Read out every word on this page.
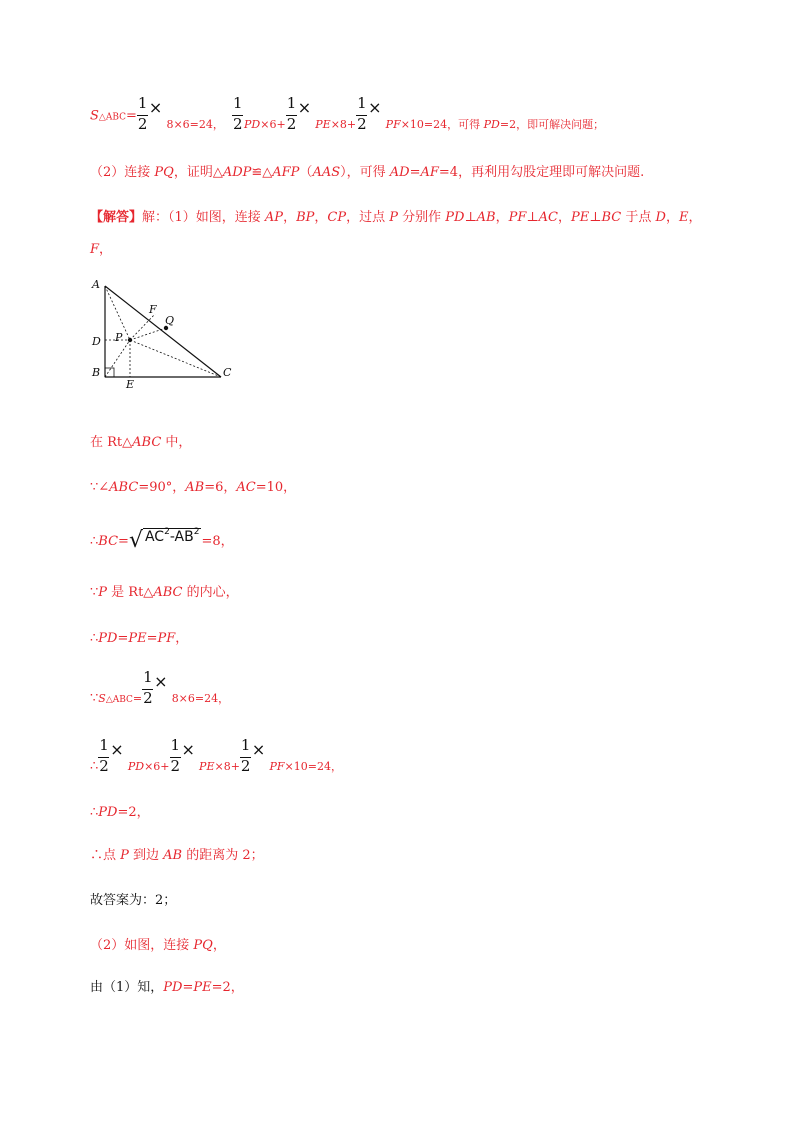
S△ABC= $\frac{1}{2} \times _{8\times 6=24,} \frac{1}{2} _{PD\times 6+} \frac{1}{2} \times _{PE\times 8+} \frac{1}{2} \times _{PF\times 10=24,可得 PD=2,即可解决问题;}$
（2）连接 PQ，证明△ADP≌△AFP（AAS），可得 AD=AF=4，再利用勾股定理即可解决问题.
【解答】解：（1）如图，连接 AP，BP，CP，过点 P 分别作 PD⊥AB，PF⊥AC，PE⊥BC 于点 D，E，
F，
A
B	C
D
E
F
P
Q
在 Rt△ABC 中，
∵∠ABC=90°，AB=6，AC=10，
∴BC=√ $AC^2-AB^2=8$，
∵P 是 Rt△ABC 的内心，
∴PD=PE=PF，
$\because_{S\triangle ABC=} \frac{1}{2} \times _{8\times 6=24,}$
∴ $\frac{1}{2} \times _{PD\times 6+} \frac{1}{2} \times _{PE\times 8+} \frac{1}{2} \times _{PF\times 10=24,}$
∴PD=2，
∴点 P 到边 AB 的距离为 2；
故答案为：2；
（2）如图，连接 PQ，
由（1）知，PD=PE=2，
